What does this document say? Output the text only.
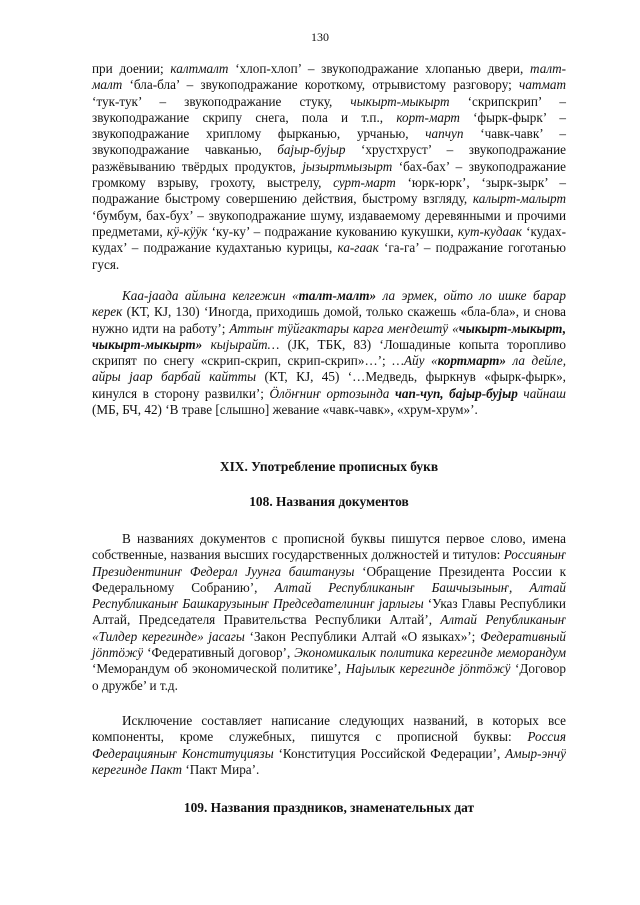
130

при доении; калтмалт ‘хлоп-хлоп’ – звукоподражание хлопанью двери, талт-малт ‘бла-бла’ – звукоподражание короткому, отрывистому разговору; чатмат ‘тук-тук’ – звукоподражание стуку, чыкырт-мыкырт ‘скрипскрип’ – звукоподражание скрипу снега, пола и т.п., корт-март ‘фырк-фырк’ – звукоподражание хриплому фырканью, урчанью, чапчуп ‘чавк-чавк’ – звукоподражание чавканью, баjыр-буjыр ‘хрустхруст’ – звукоподражание разжёвыванию твёрдых продуктов, jызыртмызырт ‘бах-бах’ – звукоподражание громкому взрыву, грохоту, выстрелу, сурт-март ‘юрк-юрк’, ‘зырк-зырк’ – подражание быстрому совершению действия, быстрому взгляду, калырт-малырт ‘бумбум, бах-бух’ – звукоподражание шуму, издаваемому деревянными и прочими предметами, кӱ-кӱӱк ‘ку-ку’ – подражание кукованию кукушки, кут-кудаак ‘кудах-кудах’ – подражание кудахтанью курицы, ка-гаак ‘га-га’ – подражание гоготанью гуся.

Каа-jаада айлына келгежин «талт-малт» ла эрмек, ойто ло ишке барар керек (КТ, КJ, 130) ‘Иногда, приходишь домой, только скажешь «бла-бла», и снова нужно идти на работу’; Аттыҥ тӱйгактары карга меҥдештӱ «чыкырт-мыкырт, чыкырт-мыкырт» кыjырайт… (JК, ТБК, 83) ‘Лошадиные копыта торопливо скрипят по снегу «скрип-скрип, скрип-скрип»…’; …Айу «кортмарт» ла дейле, айры jаар барбай кайтты (КТ, КJ, 45) ‘…Медведь, фыркнув «фырк-фырк», кинулся в сторону развилки’; Ӧлӧҥниҥ ортозында чап-чуп, баjыр-буjыр чайнаш (МБ, БЧ, 42) ‘В траве [слышно] жевание «чавк-чавк», «хрум-хрум»’.

XIX. Употребление прописных букв
108. Названия документов

В названиях документов с прописной буквы пишутся первое слово, имена собственные, названия высших государственных должностей и титулов: Россияныҥ Президентиниҥ Федерал Jуунга баштанузы ‘Обращение Президента России к Федеральному Собранию’, Алтай Республиканыҥ Башчызыныҥ, Алтай Республиканыҥ Башкарузыныҥ Председателиниҥ jарлыгы ‘Указ Главы Республики Алтай, Председателя Правительства Республики Алтай’, Алтай Републиканыҥ «Тилдер керегинде» jасагы ‘Закон Республики Алтай «О языках»’; Федеративный jӧптӧжӱ ‘Федеративный договор’, Экономикалык политика керегинде меморандум ‘Меморандум об экономической политике’, Наjылык керегинде jӧптӧжӱ ‘Договор о дружбе’ и т.д.

Исключение составляет написание следующих названий, в которых все компоненты, кроме служебных, пишутся с прописной буквы: Россия Федерацияныҥ Конституциязы ‘Конституция Российской Федерации’, Амыр-энчӱ керегинде Пакт ‘Пакт Мира’.

109. Названия праздников, знаменательных дат
